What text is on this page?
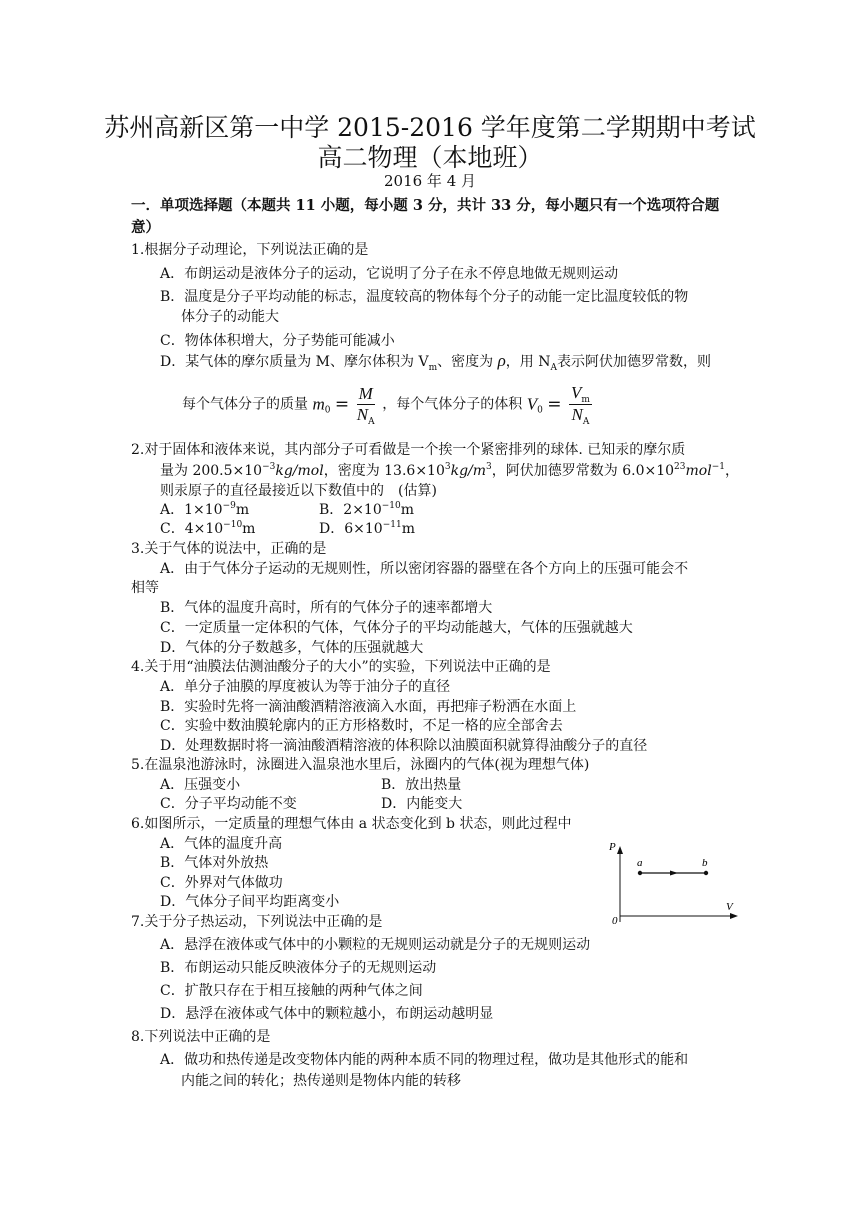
苏州高新区第一中学 2015-2016 学年度第二学期期中考试
高二物理（本地班）
2016 年 4 月
一．单项选择题（本题共 11 小题，每小题 3 分，共计 33 分，每小题只有一个选项符合题
意）
1.根据分子动理论，下列说法正确的是
A．布朗运动是液体分子的运动，它说明了分子在永不停息地做无规则运动
B．温度是分子平均动能的标志，温度较高的物体每个分子的动能一定比温度较低的物
体分子的动能大
C．物体体积增大，分子势能可能减小
D．某气体的摩尔质量为 M、摩尔体积为 $V_m$、密度为 ρ，用 $N_A$表示阿伏加德罗常数，则
每个气体分子的质量 $m_0 = \frac{M}{N_A}$ ，每个气体分子的体积 $V_0 = \frac{V_m}{N_A}$
2.对于固体和液体来说，其内部分子可看做是一个挨一个紧密排列的球体. 已知汞的摩尔质
量为 $200.5\times 10^{-3}kg$/mol，密度为 $13.6\times 10^3kg/m^3$，阿伏加德罗常数为 $6.0\times 10^{23}mol^{-1}$，
则汞原子的直径最接近以下数值中的　(估算)
A．$1\times 10^{-9}m$	B．$2\times 10^{-10}m$
C．$4\times 10^{-10}m$	D．$6\times 10^{-11}m$
3.关于气体的说法中，正确的是
A．由于气体分子运动的无规则性，所以密闭容器的器壁在各个方向上的压强可能会不
相等
B．气体的温度升高时，所有的气体分子的速率都增大
C．一定质量一定体积的气体，气体分子的平均动能越大，气体的压强就越大
D．气体的分子数越多，气体的压强就越大
4.关于用“油膜法估测油酸分子的大小”的实验，下列说法中正确的是
A．单分子油膜的厚度被认为等于油分子的直径
B．实验时先将一滴油酸酒精溶液滴入水面，再把痱子粉洒在水面上
C．实验中数油膜轮廓内的正方形格数时，不足一格的应全部舍去
D．处理数据时将一滴油酸酒精溶液的体积除以油膜面积就算得油酸分子的直径
5.在温泉池游泳时，泳圈进入温泉池水里后，泳圈内的气体(视为理想气体)
A．压强变小	B．放出热量
C．分子平均动能不变	D．内能变大
6.如图所示，一定质量的理想气体由 a 状态变化到 b 状态，则此过程中
A．气体的温度升高
B．气体对外放热
C．外界对气体做功
D．气体分子间平均距离变小
P
V
0
a	b
7.关于分子热运动，下列说法中正确的是
A．悬浮在液体或气体中的小颗粒的无规则运动就是分子的无规则运动
B．布朗运动只能反映液体分子的无规则运动
C．扩散只存在于相互接触的两种气体之间
D．悬浮在液体或气体中的颗粒越小，布朗运动越明显
8.下列说法中正确的是
A．做功和热传递是改变物体内能的两种本质不同的物理过程，做功是其他形式的能和
内能之间的转化；热传递则是物体内能的转移
